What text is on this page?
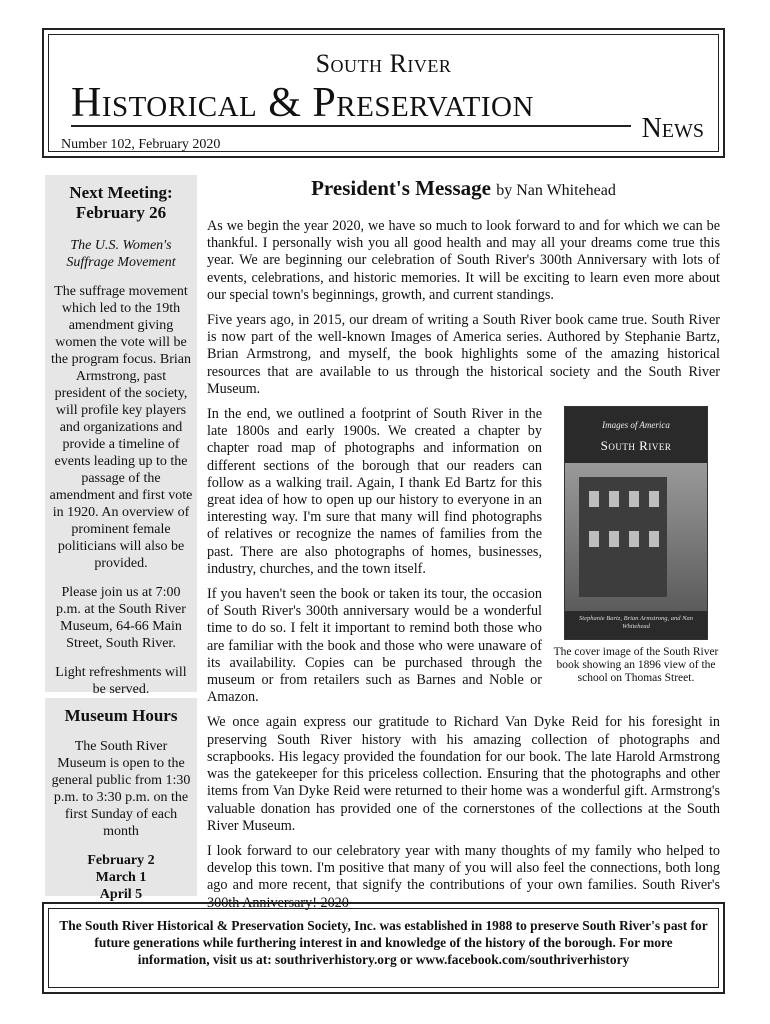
South River
Historical & Preservation
News
Number 102, February 2020
Next Meeting:
February 26
The U.S. Women's Suffrage Movement
The suffrage movement which led to the 19th amendment giving women the vote will be the program focus. Brian Armstrong, past president of the society, will profile key players and organizations and provide a timeline of events leading up to the passage of the amendment and first vote in 1920. An overview of prominent female politicians will also be provided.
Please join us at 7:00 p.m. at the South River Museum, 64-66 Main Street, South River.
Light refreshments will be served.
Museum Hours
The South River Museum is open to the general public from 1:30 p.m. to 3:30 p.m. on the first Sunday of each month
February 2
March 1
April 5
President's Message by Nan Whitehead

As we begin the year 2020, we have so much to look forward to and for which we can be thankful. I personally wish you all good health and may all your dreams come true this year. We are beginning our celebration of South River's 300th Anniversary with lots of events, celebrations, and historic memories. It will be exciting to learn even more about our special town's beginnings, growth, and current standings.

Five years ago, in 2015, our dream of writing a South River book came true. South River is now part of the well-known Images of America series. Authored by Stephanie Bartz, Brian Armstrong, and myself, the book highlights some of the amazing historical resources that are available to us through the historical society and the South River Museum.

Images of America
South River
Stephanie Bartz, Brian Armstrong, and Nan Whitehead
The cover image of the South River book showing an 1896 view of the school on Thomas Street.

In the end, we outlined a footprint of South River in the late 1800s and early 1900s. We created a chapter by chapter road map of photographs and information on different sections of the borough that our readers can follow as a walking trail. Again, I thank Ed Bartz for this great idea of how to open up our history to everyone in an interesting way. I'm sure that many will find photographs of relatives or recognize the names of families from the past. There are also photographs of homes, businesses, industry, churches, and the town itself.

If you haven't seen the book or taken its tour, the occasion of South River's 300th anniversary would be a wonderful time to do so. I felt it important to remind both those who are familiar with the book and those who were unaware of its availability. Copies can be purchased through the museum or from retailers such as Barnes and Noble or Amazon.

We once again express our gratitude to Richard Van Dyke Reid for his foresight in preserving South River history with his amazing collection of photographs and scrapbooks. His legacy provided the foundation for our book. The late Harold Armstrong was the gatekeeper for this priceless collection. Ensuring that the photographs and other items from Van Dyke Reid were returned to their home was a wonderful gift. Armstrong's valuable donation has provided one of the cornerstones of the collections at the South River Museum.

I look forward to our celebratory year with many thoughts of my family who helped to develop this town. I'm positive that many of you will also feel the connections, both long ago and more recent, that signify the contributions of your own families. South River's 300th Anniversary! 2020

The South River Historical & Preservation Society, Inc. was established in 1988 to preserve South River's past for future generations while furthering interest in and knowledge of the history of the borough. For more information, visit us at: southriverhistory.org or www.facebook.com/southriverhistory
